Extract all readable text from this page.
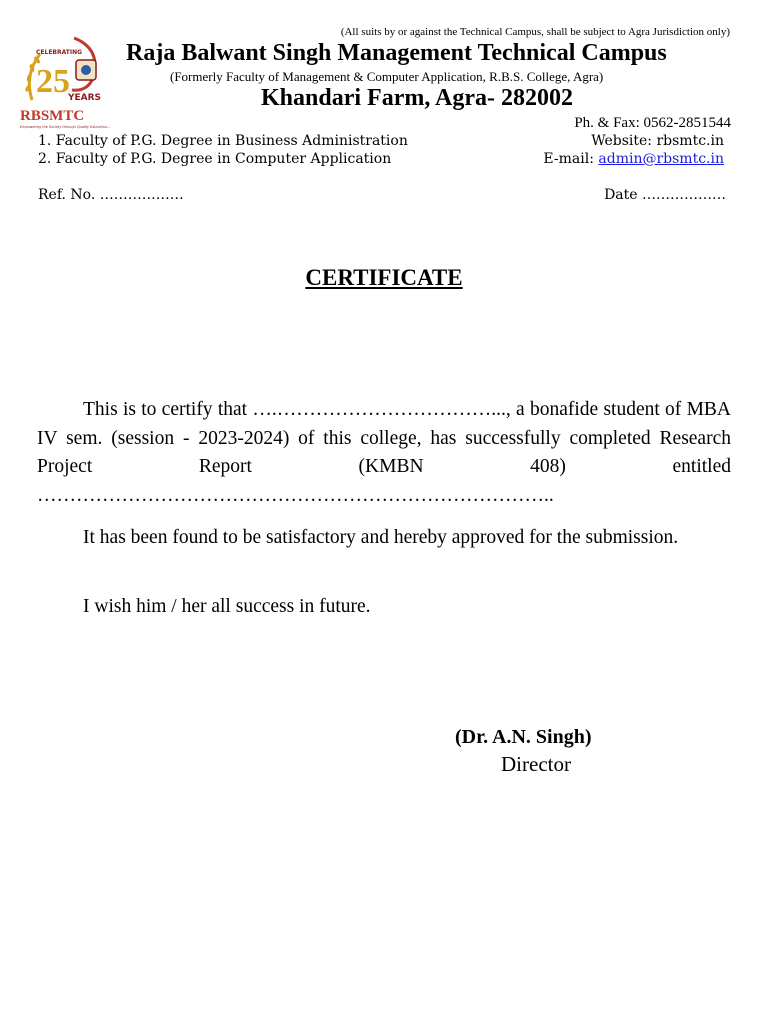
(All suits by or against the Technical Campus, shall be subject to Agra Jurisdiction only)
CELEBRATING
25
YEARS
RBSMTC
Empowering the Society through Quality Education...
Raja Balwant Singh Management Technical Campus
(Formerly Faculty of Management & Computer Application, R.B.S. College, Agra)
Khandari Farm, Agra- 282002
Ph. & Fax: 0562-2851544
1. Faculty of P.G. Degree in Business Administration
2. Faculty of P.G. Degree in Computer Application
Website: rbsmtc.in
E-mail: admin@rbsmtc.in
Ref. No. ………………	Date ………………
CERTIFICATE

This is to certify that ….……………………………..., a bonafide student of MBA IV sem. (session - 2023-2024) of this college, has successfully completed Research Project Report (KMBN 408) entitled ……………………………………………………………………..

It has been found to be satisfactory and hereby approved for the submission.

I wish him / her all success in future.

(Dr. A.N. Singh)
Director
